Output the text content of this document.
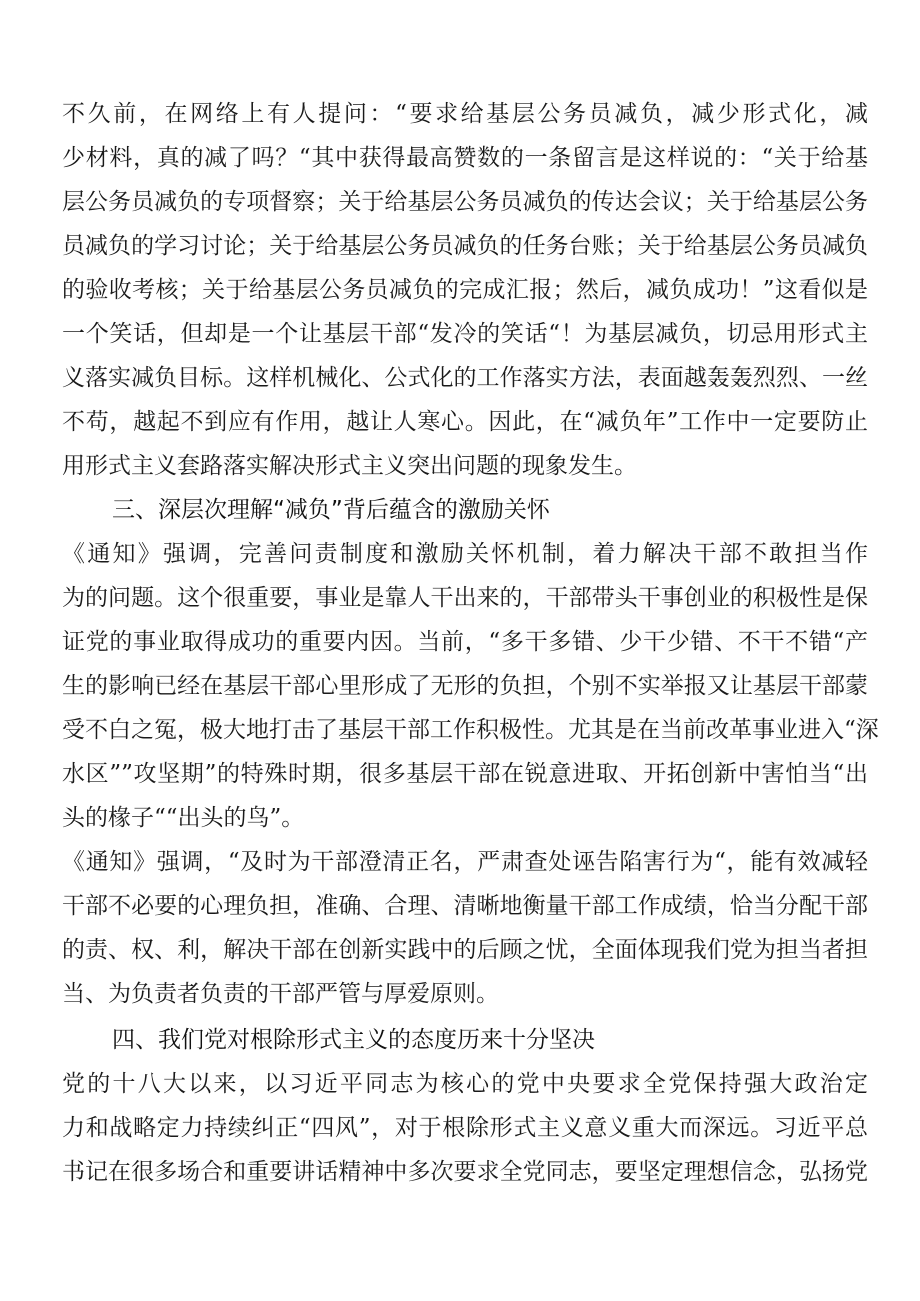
不久前，在网络上有人提问：“要求给基层公务员减负，减少形式化，减
少材料，真的减了吗？“其中获得最高赞数的一条留言是这样说的：“关于给基
层公务员减负的专项督察；关于给基层公务员减负的传达会议；关于给基层公务
员减负的学习讨论；关于给基层公务员减负的任务台账；关于给基层公务员减负
的验收考核；关于给基层公务员减负的完成汇报；然后，减负成功！”这看似是
一个笑话，但却是一个让基层干部“发冷的笑话“！为基层减负，切忌用形式主
义落实减负目标。这样机械化、公式化的工作落实方法，表面越轰轰烈烈、一丝
不苟，越起不到应有作用，越让人寒心。因此，在“减负年”工作中一定要防止
用形式主义套路落实解决形式主义突出问题的现象发生。
三、深层次理解“减负”背后蕴含的激励关怀
《通知》强调，完善问责制度和激励关怀机制，着力解决干部不敢担当作
为的问题。这个很重要，事业是靠人干出来的，干部带头干事创业的积极性是保
证党的事业取得成功的重要内因。当前，“多干多错、少干少错、不干不错“产
生的影响已经在基层干部心里形成了无形的负担，个别不实举报又让基层干部蒙
受不白之冤，极大地打击了基层干部工作积极性。尤其是在当前改革事业进入“深
水区””攻坚期”的特殊时期，很多基层干部在锐意进取、开拓创新中害怕当“出
头的椽子““出头的鸟”。
《通知》强调，“及时为干部澄清正名，严肃查处诬告陷害行为“，能有效减轻
干部不必要的心理负担，准确、合理、清晰地衡量干部工作成绩，恰当分配干部
的责、权、利，解决干部在创新实践中的后顾之忧，全面体现我们党为担当者担
当、为负责者负责的干部严管与厚爱原则。
四、我们党对根除形式主义的态度历来十分坚决
党的十八大以来，以习近平同志为核心的党中央要求全党保持强大政治定
力和战略定力持续纠正“四风”，对于根除形式主义意义重大而深远。习近平总
书记在很多场合和重要讲话精神中多次要求全党同志，要坚定理想信念，弘扬党
